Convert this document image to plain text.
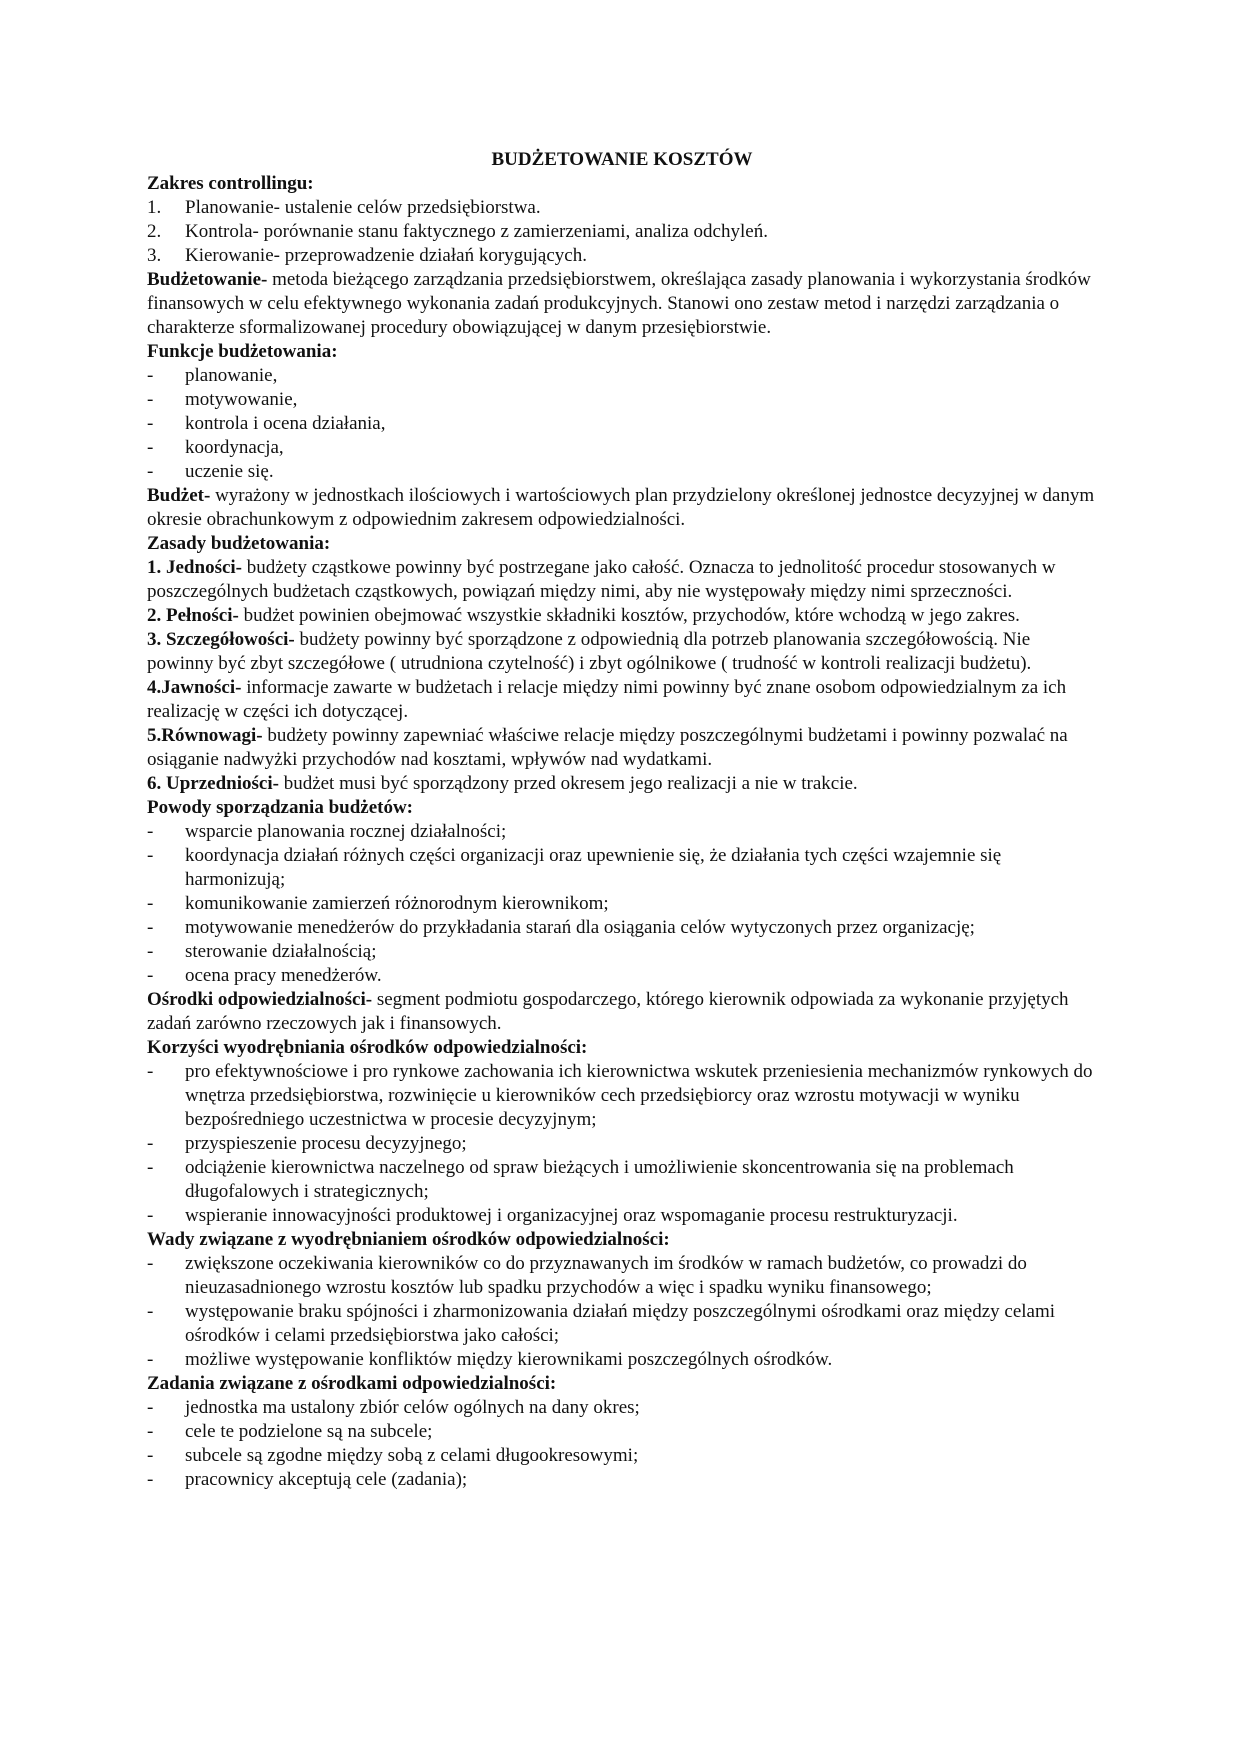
BUDŻETOWANIE KOSZTÓW
Zakres controllingu:
1. Planowanie- ustalenie celów przedsiębiorstwa.
2. Kontrola- porównanie stanu faktycznego z zamierzeniami, analiza odchyleń.
3. Kierowanie- przeprowadzenie działań korygujących.

Budżetowanie- metoda bieżącego zarządzania przedsiębiorstwem, określająca zasady planowania i wykorzystania środków finansowych w celu efektywnego wykonania zadań produkcyjnych. Stanowi ono zestaw metod i narzędzi zarządzania o charakterze sformalizowanej procedury obowiązującej w danym przesiębiorstwie.

Funkcje budżetowania:
- planowanie,
- motywowanie,
- kontrola i ocena działania,
- koordynacja,
- uczenie się.

Budżet- wyrażony w jednostkach ilościowych i wartościowych plan przydzielony określonej jednostce decyzyjnej w danym okresie obrachunkowym z odpowiednim zakresem odpowiedzialności.

Zasady budżetowania:

1. Jedności- budżety cząstkowe powinny być postrzegane jako całość. Oznacza to jednolitość procedur stosowanych w poszczególnych budżetach cząstkowych, powiązań między nimi, aby nie występowały między nimi sprzeczności.

2. Pełności- budżet powinien obejmować wszystkie składniki kosztów, przychodów, które wchodzą w jego zakres.

3. Szczegółowości- budżety powinny być sporządzone z odpowiednią dla potrzeb planowania szczegółowością. Nie powinny być zbyt szczegółowe ( utrudniona czytelność) i zbyt ogólnikowe ( trudność w kontroli realizacji budżetu).

4.Jawności- informacje zawarte w budżetach i relacje między nimi powinny być znane osobom odpowiedzialnym za ich realizację w części ich dotyczącej.

5.Równowagi- budżety powinny zapewniać właściwe relacje między poszczególnymi budżetami i powinny pozwalać na osiąganie nadwyżki przychodów nad kosztami, wpływów nad wydatkami.

6. Uprzedniości- budżet musi być sporządzony przed okresem jego realizacji a nie w trakcie.

Powody sporządzania budżetów:
- wsparcie planowania rocznej działalności;
- koordynacja działań różnych części organizacji oraz upewnienie się, że działania tych części wzajemnie się harmonizują;
- komunikowanie zamierzeń różnorodnym kierownikom;
- motywowanie menedżerów do przykładania starań dla osiągania celów wytyczonych przez organizację;
- sterowanie działalnością;
- ocena pracy menedżerów.

Ośrodki odpowiedzialności- segment podmiotu gospodarczego, którego kierownik odpowiada za wykonanie przyjętych zadań zarówno rzeczowych jak i finansowych.

Korzyści wyodrębniania ośrodków odpowiedzialności:
- pro efektywnościowe i pro rynkowe zachowania ich kierownictwa wskutek przeniesienia mechanizmów rynkowych do wnętrza przedsiębiorstwa, rozwinięcie u kierowników cech przedsiębiorcy oraz wzrostu motywacji w wyniku bezpośredniego uczestnictwa w procesie decyzyjnym;
- przyspieszenie procesu decyzyjnego;
- odciążenie kierownictwa naczelnego od spraw bieżących i umożliwienie skoncentrowania się na problemach długofalowych i strategicznych;
- wspieranie innowacyjności produktowej i organizacyjnej oraz wspomaganie procesu restrukturyzacji.
Wady związane z wyodrębnianiem ośrodków odpowiedzialności:
- zwiększone oczekiwania kierowników co do przyznawanych im środków w ramach budżetów, co prowadzi do nieuzasadnionego wzrostu kosztów lub spadku przychodów a więc i spadku wyniku finansowego;
- występowanie braku spójności i zharmonizowania działań między poszczególnymi ośrodkami oraz między celami ośrodków i celami przedsiębiorstwa jako całości;
- możliwe występowanie konfliktów między kierownikami poszczególnych ośrodków.
Zadania związane z ośrodkami odpowiedzialności:
- jednostka ma ustalony zbiór celów ogólnych na dany okres;
- cele te podzielone są na subcele;
- subcele są zgodne między sobą z celami długookresowymi;
- pracownicy akceptują cele (zadania);
